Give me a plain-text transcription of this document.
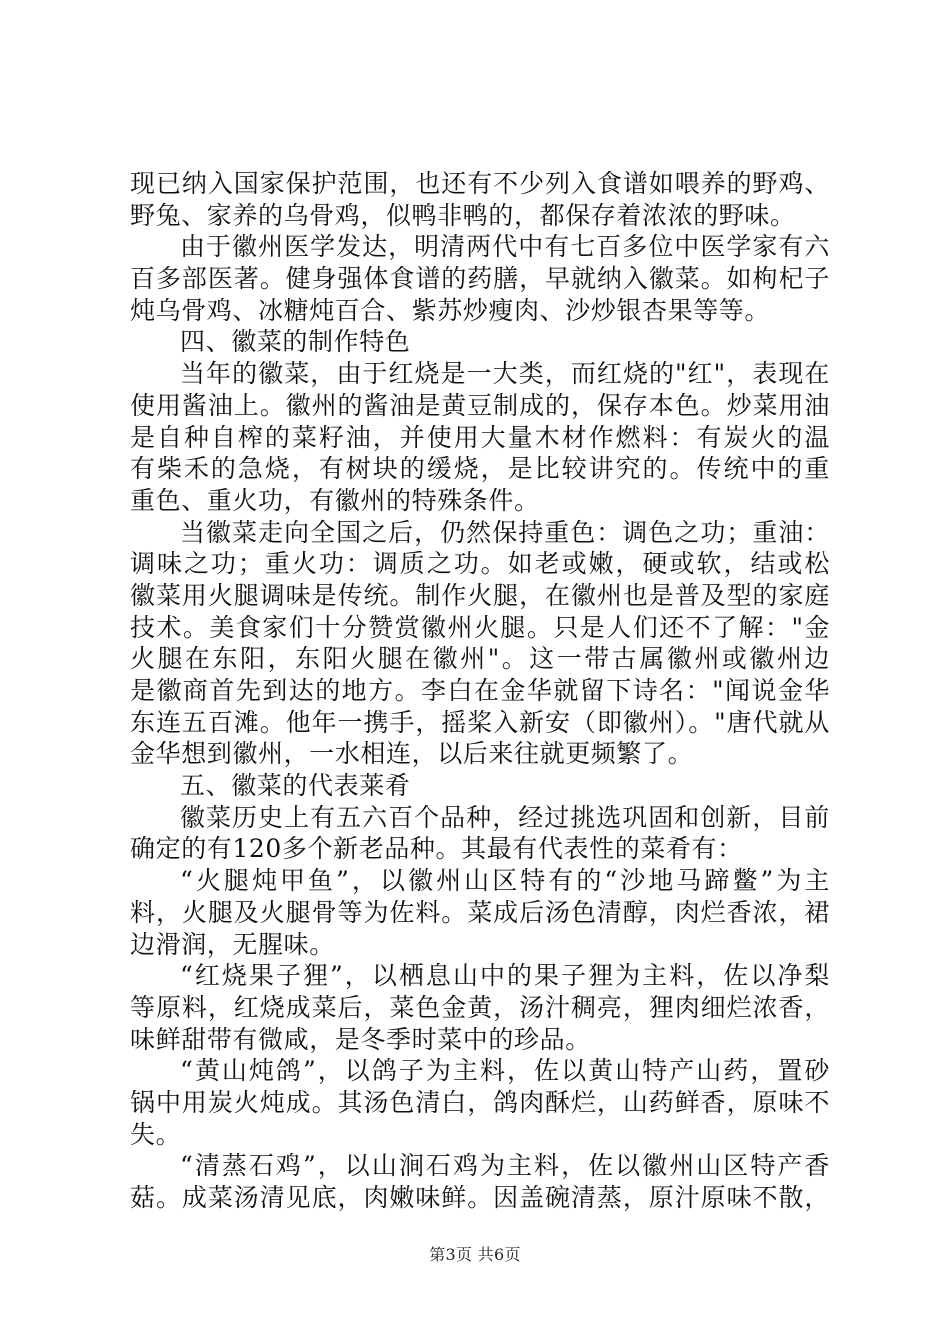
现已纳入国家保护范围，也还有不少列入食谱如喂养的野鸡、
野兔、家养的乌骨鸡，似鸭非鸭的，都保存着浓浓的野味。
由于徽州医学发达，明清两代中有七百多位中医学家有六
百多部医著。健身强体食谱的药膳，早就纳入徽菜。如枸杞子
炖乌骨鸡、冰糖炖百合、紫苏炒瘦肉、沙炒银杏果等等。
四、徽菜的制作特色
当年的徽菜，由于红烧是一大类，而红烧的"红"，表现在
使用酱油上。徽州的酱油是黄豆制成的，保存本色。炒菜用油
是自种自榨的菜籽油，并使用大量木材作燃料：有炭火的温
有柴禾的急烧，有树块的缓烧，是比较讲究的。传统中的重
重色、重火功，有徽州的特殊条件。
当徽菜走向全国之后，仍然保持重色：调色之功；重油：
调味之功；重火功：调质之功。如老或嫩，硬或软，结或松
徽菜用火腿调味是传统。制作火腿，在徽州也是普及型的家庭
技术。美食家们十分赞赏徽州火腿。只是人们还不了解："金
火腿在东阳，东阳火腿在徽州"。这一带古属徽州或徽州边
是徽商首先到达的地方。李白在金华就留下诗名："闻说金华
东连五百滩。他年一携手，摇桨入新安（即徽州）。"唐代就从
金华想到徽州，一水相连，以后来往就更频繁了。
五、徽菜的代表莱肴
徽菜历史上有五六百个品种，经过挑选巩固和创新，目前
确定的有120多个新老品种。其最有代表性的菜肴有：
“火腿炖甲鱼”，以徽州山区特有的“沙地马蹄鳖”为主
料，火腿及火腿骨等为佐料。菜成后汤色清醇，肉烂香浓，裙
边滑润，无腥味。
“红烧果子狸”，以栖息山中的果子狸为主料，佐以净梨
等原料，红烧成菜后，菜色金黄，汤汁稠亮，狸肉细烂浓香，
味鲜甜带有微咸，是冬季时菜中的珍品。
“黄山炖鸽”，以鸽子为主料，佐以黄山特产山药，置砂
锅中用炭火炖成。其汤色清白，鸽肉酥烂，山药鲜香，原味不
失。
“清蒸石鸡”，以山涧石鸡为主料，佐以徽州山区特产香
菇。成菜汤清见底，肉嫩味鲜。因盖碗清蒸，原汁原味不散，
第3页 共6页
